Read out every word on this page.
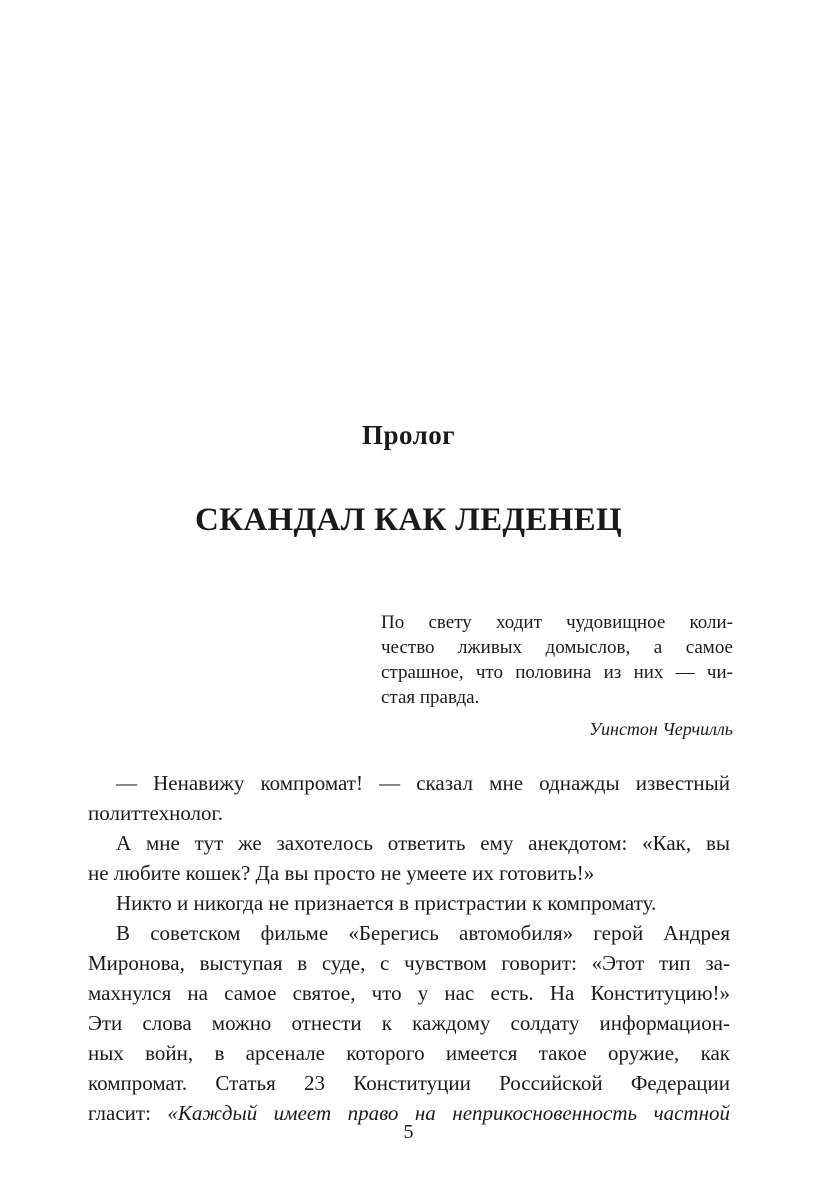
Пролог
СКАНДАЛ КАК ЛЕДЕНЕЦ
По свету ходит чудовищное коли-
чество лживых домыслов, а самое
страшное, что половина из них — чи-
стая правда.
Уинстон Черчилль
— Ненавижу компромат! — сказал мне однажды известный
политтехнолог.
А мне тут же захотелось ответить ему анекдотом: «Как, вы
не любите кошек? Да вы просто не умеете их готовить!»
Никто и никогда не признается в пристрастии к компромату.
В советском фильме «Берегись автомобиля» герой Андрея
Миронова, выступая в суде, с чувством говорит: «Этот тип за-
махнулся на самое святое, что у нас есть. На Конституцию!»
Эти слова можно отнести к каждому солдату информацион-
ных войн, в арсенале которого имеется такое оружие, как
компромат. Статья 23 Конституции Российской Федерации
гласит: «Каждый имеет право на неприкосновенность частной
5
